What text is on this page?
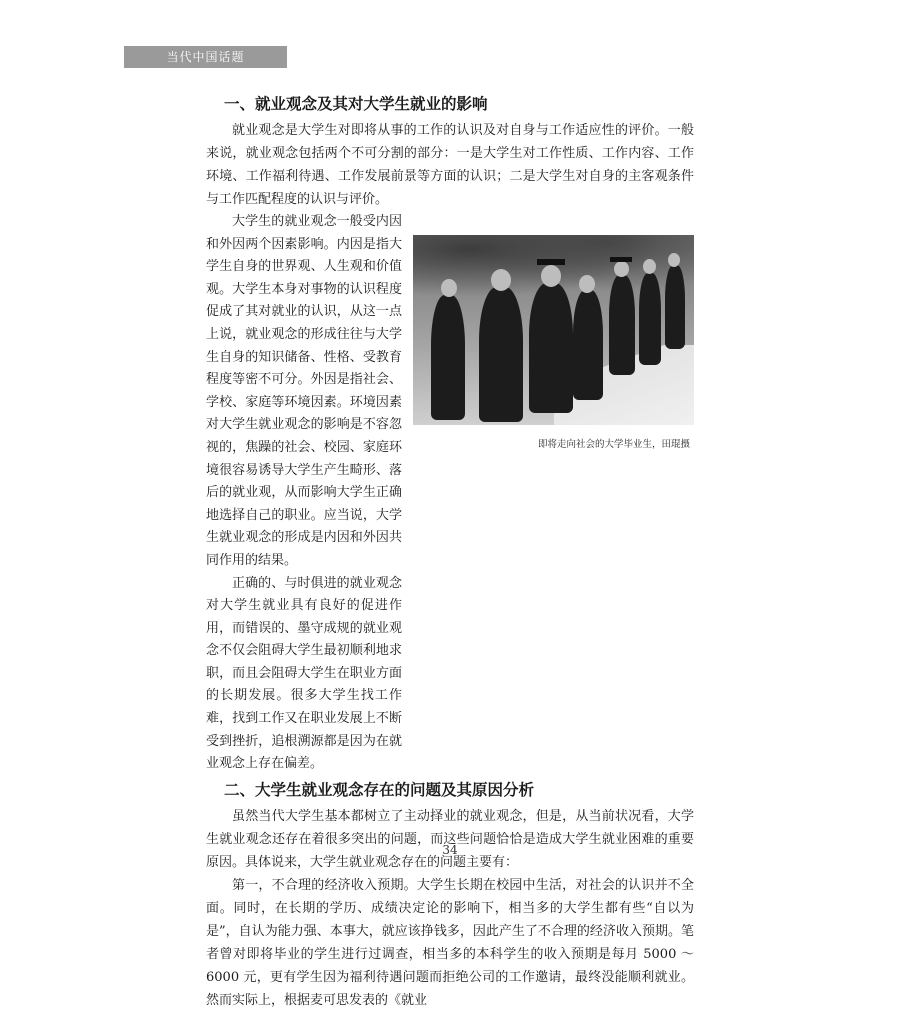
当代中国话题
一、就业观念及其对大学生就业的影响

就业观念是大学生对即将从事的工作的认识及对自身与工作适应性的评价。一般来说，就业观念包括两个不可分割的部分：一是大学生对工作性质、工作内容、工作环境、工作福利待遇、工作发展前景等方面的认识；二是大学生对自身的主客观条件与工作匹配程度的认识与评价。

大学生的就业观念一般受内因和外因两个因素影响。内因是指大学生自身的世界观、人生观和价值观。大学生本身对事物的认识程度促成了其对就业的认识，从这一点上说，就业观念的形成往往与大学生自身的知识储备、性格、受教育程度等密不可分。外因是指社会、学校、家庭等环境因素。环境因素对大学生就业观念的影响是不容忽视的，焦躁的社会、校园、家庭环境很容易诱导大学生产生畸形、落后的就业观，从而影响大学生正确地选择自己的职业。应当说，大学生就业观念的形成是内因和外因共同作用的结果。

正确的、与时俱进的就业观念对大学生就业具有良好的促进作用，而错误的、墨守成规的就业观念不仅会阻碍大学生最初顺利地求职，而且会阻碍大学生在职业方面的长期发展。很多大学生找工作难，找到工作又在职业发展上不断受到挫折，追根溯源都是因为在就业观念上存在偏差。

即将走向社会的大学毕业生，田琨摄
二、大学生就业观念存在的问题及其原因分析

虽然当代大学生基本都树立了主动择业的就业观念，但是，从当前状况看，大学生就业观念还存在着很多突出的问题，而这些问题恰恰是造成大学生就业困难的重要原因。具体说来，大学生就业观念存在的问题主要有：

第一，不合理的经济收入预期。大学生长期在校园中生活，对社会的认识并不全面。同时，在长期的学历、成绩决定论的影响下，相当多的大学生都有些“自以为是”，自认为能力强、本事大，就应该挣钱多，因此产生了不合理的经济收入预期。笔者曾对即将毕业的学生进行过调查，相当多的本科学生的收入预期是每月 5000 ～ 6000 元，更有学生因为福利待遇问题而拒绝公司的工作邀请，最终没能顺利就业。然而实际上，根据麦可思发表的《就业

34
